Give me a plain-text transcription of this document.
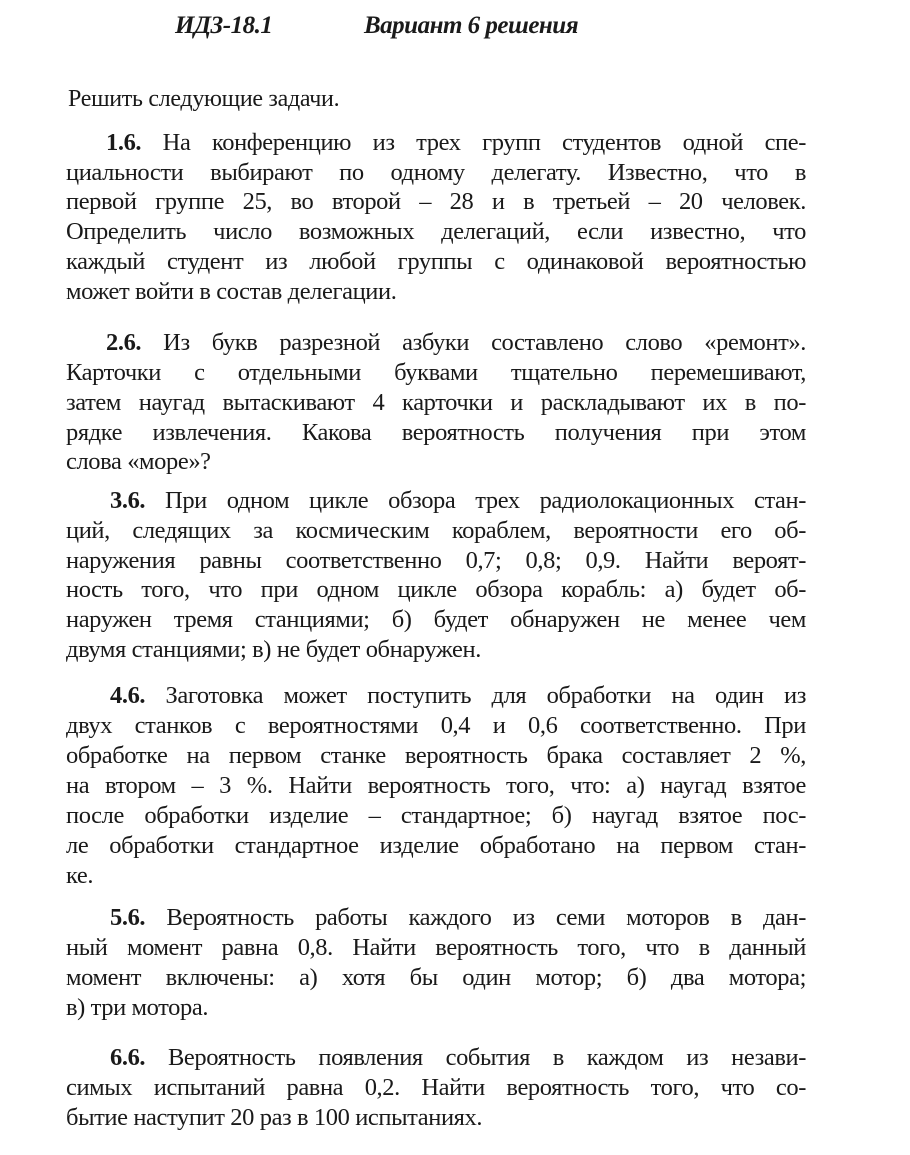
ИДЗ-18.1	Вариант 6 решения
Решить следующие задачи.
1.6. На конференцию из трех групп студентов одной спе-
циальности выбирают по одному делегату. Известно, что в
первой группе 25, во второй – 28 и в третьей – 20 человек.
Определить число возможных делегаций, если известно, что
каждый студент из любой группы с одинаковой вероятностью
может войти в состав делегации.
2.6. Из букв разрезной азбуки составлено слово «ремонт».
Карточки с отдельными буквами тщательно перемешивают,
затем наугад вытаскивают 4 карточки и раскладывают их в по-
рядке извлечения. Какова вероятность получения при этом
слова «море»?
3.6. При одном цикле обзора трех радиолокационных стан-
ций, следящих за космическим кораблем, вероятности его об-
наружения равны соответственно 0,7; 0,8; 0,9. Найти вероят-
ность того, что при одном цикле обзора корабль: а) будет об-
наружен тремя станциями; б) будет обнаружен не менее чем
двумя станциями; в) не будет обнаружен.
4.6. Заготовка может поступить для обработки на один из
двух станков с вероятностями 0,4 и 0,6 соответственно. При
обработке на первом станке вероятность брака составляет 2 %,
на втором – 3 %. Найти вероятность того, что: а) наугад взятое
после обработки изделие – стандартное; б) наугад взятое пос-
ле обработки стандартное изделие обработано на первом стан-
ке.
5.6. Вероятность работы каждого из семи моторов в дан-
ный момент равна 0,8. Найти вероятность того, что в данный
момент включены: а) хотя бы один мотор; б) два мотора;
в) три мотора.
6.6. Вероятность появления события в каждом из незави-
симых испытаний равна 0,2. Найти вероятность того, что со-
бытие наступит 20 раз в 100 испытаниях.
